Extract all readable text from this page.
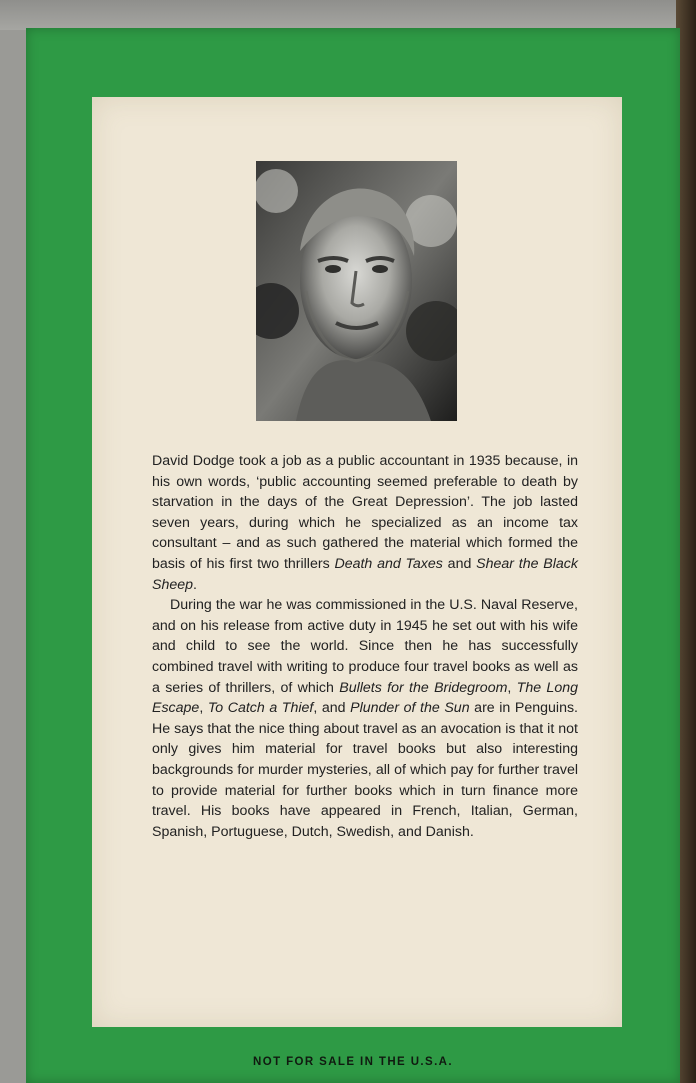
David Dodge took a job as a public accountant in 1935 because, in his own words, ‘public accounting seemed preferable to death by starvation in the days of the Great Depression’. The job lasted seven years, during which he specialized as an income tax consultant – and as such gathered the material which formed the basis of his first two thrillers Death and Taxes and Shear the Black Sheep.

During the war he was commissioned in the U.S. Naval Reserve, and on his release from active duty in 1945 he set out with his wife and child to see the world. Since then he has successfully combined travel with writing to produce four travel books as well as a series of thrillers, of which Bullets for the Bridegroom, The Long Escape, To Catch a Thief, and Plunder of the Sun are in Penguins. He says that the nice thing about travel as an avocation is that it not only gives him material for travel books but also interesting backgrounds for murder mysteries, all of which pay for further travel to provide material for further books which in turn finance more travel. His books have appeared in French, Italian, German, Spanish, Portuguese, Dutch, Swedish, and Danish.

NOT FOR SALE IN THE U.S.A.
